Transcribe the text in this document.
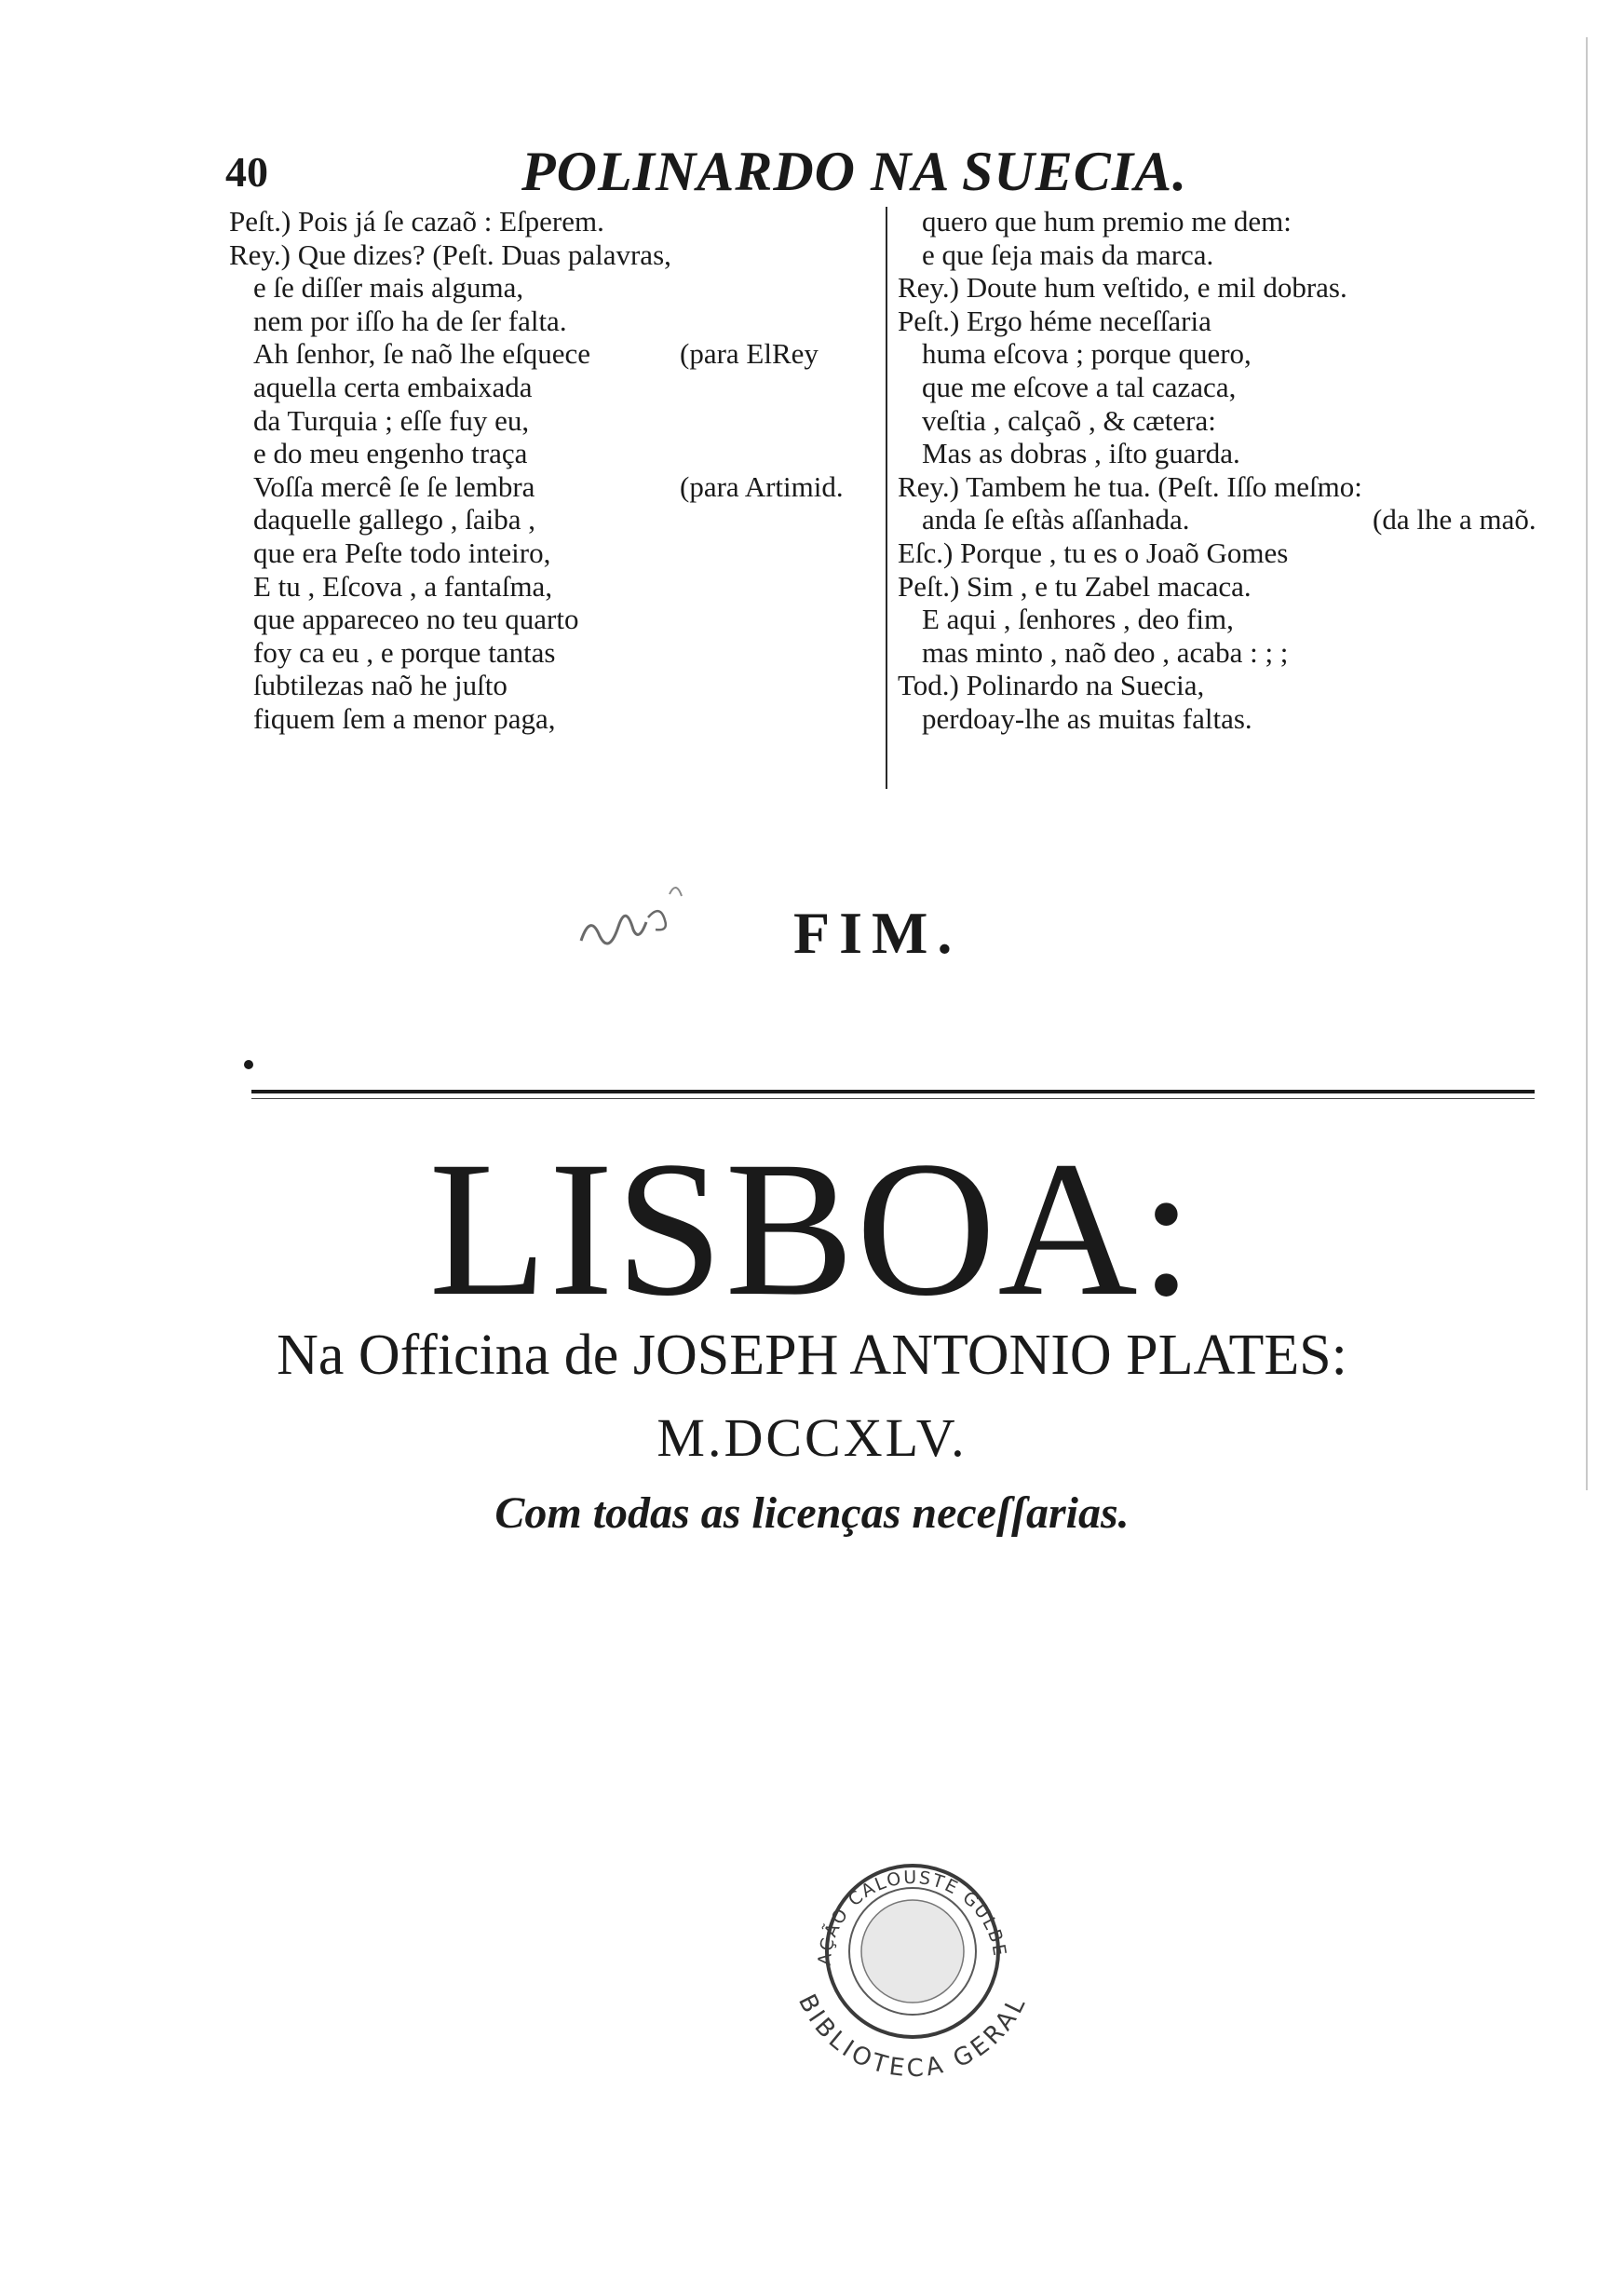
40	POLINARDO NA SUECIA.
Peſt.) Pois já ſe cazaõ : Eſperem.
Rey.) Que dizes? (Peſt. Duas palavras,
e ſe diſſer mais alguma,
nem por iſſo ha de ſer falta.
Ah ſenhor, ſe naõ lhe eſquece	(para ElRey
aquella certa embaixada
da Turquia ; eſſe fuy eu,
e do meu engenho traça
Voſſa mercê ſe ſe lembra	(para Artimid.
daquelle gallego , ſaiba ,
que era Peſte todo inteiro,
E tu , Eſcova , a fantaſma,
que appareceo no teu quarto
foy ca eu , e porque tantas
ſubtilezas naõ he juſto
fiquem ſem a menor paga,
quero que hum premio me dem:
e que ſeja mais da marca.
Rey.) Doute hum veſtido, e mil dobras.
Peſt.) Ergo héme neceſſaria
huma eſcova ; porque quero,
que me eſcove a tal cazaca,
veſtia , calçaõ , & cætera:
Mas as dobras , iſto guarda.
Rey.) Tambem he tua. (Peſt. Iſſo meſmo:
anda ſe eſtàs aſſanhada.	(da lhe a maõ.
Eſc.) Porque , tu es o Joaõ Gomes
Peſt.) Sim , e tu Zabel macaca.
E aqui , ſenhores , deo fim,
mas minto , naõ deo , acaba : ; ;
Tod.) Polinardo na Suecia,
perdoay-lhe as muitas faltas.
FIM.
LISBOA:
Na Officina de JOSEPH ANTONIO PLATES:
M.DCCXLV.
Com todas as licenças neceſſarias.
AÇÃO CALOUSTE GULBE
BIBLIOTECA GERAL
